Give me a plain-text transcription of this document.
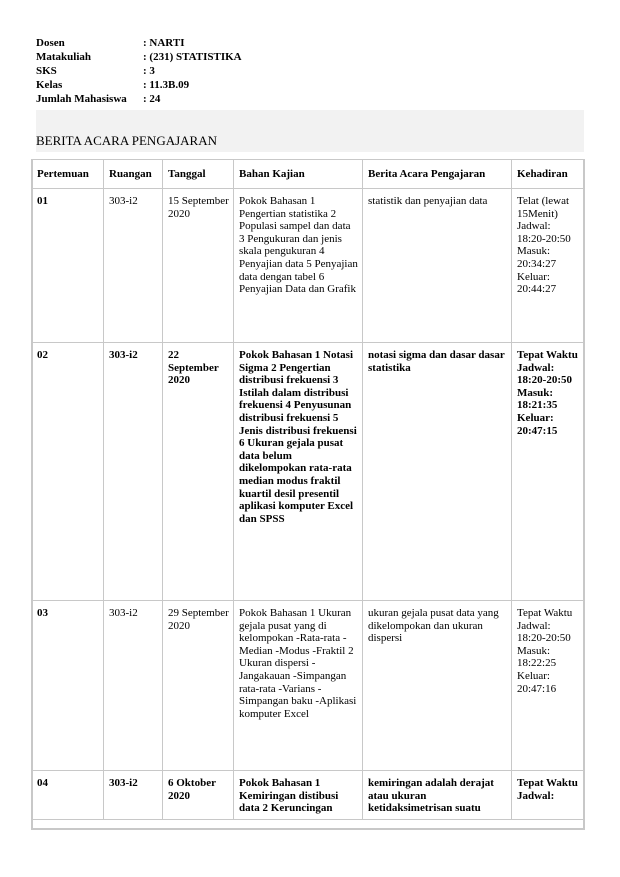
Dosen	: NARTI
Matakuliah	: (231) STATISTIKA
SKS	: 3
Kelas	: 11.3B.09
Jumlah Mahasiswa	: 24
BERITA ACARA PENGAJARAN
Pertemuan	Ruangan	Tanggal	Bahan Kajian	Berita Acara Pengajaran	Kehadiran
01	303-i2	15 September 2020	Pokok Bahasan 1 Pengertian statistika 2 Populasi sampel dan data 3 Pengukuran dan jenis skala pengukuran 4 Penyajian data 5 Penyajian data dengan tabel 6 Penyajian Data dan Grafik	statistik dan penyajian data	Telat (lewat 15Menit) Jadwal: 18:20-20:50 Masuk: 20:34:27 Keluar: 20:44:27
02	303-i2	22 September 2020	Pokok Bahasan 1 Notasi Sigma 2 Pengertian distribusi frekuensi 3 Istilah dalam distribusi frekuensi 4 Penyusunan distribusi frekuensi 5 Jenis distribusi frekuensi 6 Ukuran gejala pusat data belum dikelompokan rata-rata median modus fraktil kuartil desil presentil aplikasi komputer Excel dan SPSS	notasi sigma dan dasar dasar statistika	Tepat Waktu Jadwal: 18:20-20:50 Masuk: 18:21:35 Keluar: 20:47:15
03	303-i2	29 September 2020	Pokok Bahasan 1 Ukuran gejala pusat yang di kelompokan -Rata-rata -Median -Modus -Fraktil 2 Ukuran dispersi -Jangakauan -Simpangan rata-rata -Varians -Simpangan baku -Aplikasi komputer Excel	ukuran gejala pusat data yang dikelompokan dan ukuran dispersi	Tepat Waktu Jadwal: 18:20-20:50 Masuk: 18:22:25 Keluar: 20:47:16
04	303-i2	6 Oktober 2020	Pokok Bahasan 1 Kemiringan distibusi data 2 Keruncingan	kemiringan adalah derajat atau ukuran ketidaksimetrisan suatu	Tepat Waktu Jadwal:
